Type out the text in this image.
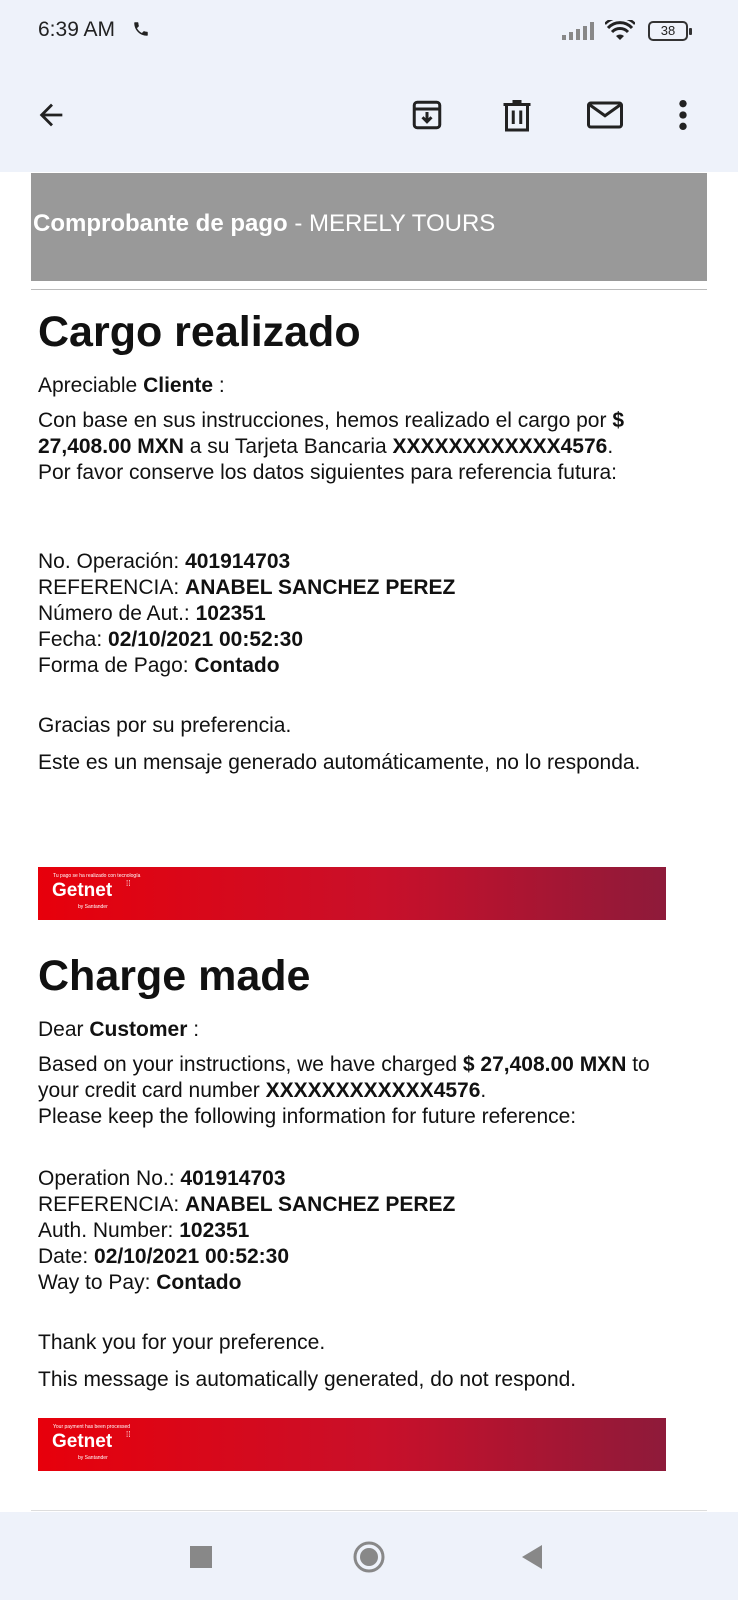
6:39 AM	38
Comprobante de pago - MERELY TOURS
Cargo realizado
Apreciable Cliente :
Con base en sus instrucciones, hemos realizado el cargo por $ 27,408.00 MXN a su Tarjeta Bancaria XXXXXXXXXXXX4576.
Por favor conserve los datos siguientes para referencia futura:
No. Operación: 401914703
REFERENCIA: ANABEL SANCHEZ PEREZ
Número de Aut.: 102351
Fecha: 02/10/2021 00:52:30
Forma de Pago: Contado
Gracias por su preferencia.
Este es un mensaje generado automáticamente, no lo responda.
Tu pago se ha realizado con tecnología
Getnet ⁞⁞
by Santander
Charge made
Dear Customer :
Based on your instructions, we have charged $ 27,408.00 MXN to your credit card number XXXXXXXXXXXX4576.
Please keep the following information for future reference:
Operation No.: 401914703
REFERENCIA: ANABEL SANCHEZ PEREZ
Auth. Number: 102351
Date: 02/10/2021 00:52:30
Way to Pay: Contado
Thank you for your preference.
This message is automatically generated, do not respond.
Your payment has been processed
Getnet ⁞⁞
by Santander
